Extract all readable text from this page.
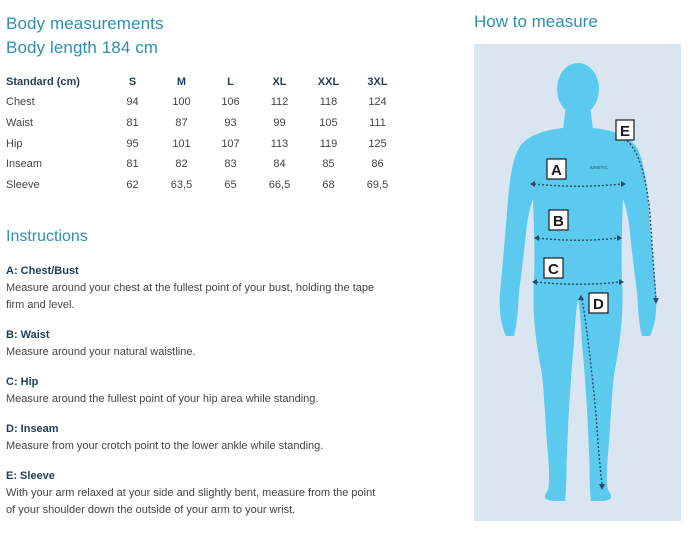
Body measurements
Body length 184 cm
Standard (cm)	S	M	L	XL	XXL	3XL
Chest	94	100	106	112	118	124
Waist	81	87	93	99	105	111
Hip	95	101	107	113	119	125
Inseam	81	82	83	84	85	86
Sleeve	62	63,5	65	66,5	68	69,5
Instructions
A: Chest/Bust
Measure around your chest at the fullest point of your bust, holding the tape firm and level.
B: Waist
Measure around your natural waistline.
C: Hip
Measure around the fullest point of your hip area while standing.
D: Inseam
Measure from your crotch point to the lower ankle while standing.
E: Sleeve
With your arm relaxed at your side and slightly bent, measure from the point of your shoulder down the outside of your arm to your wrist.
How to measure
KINETIC
A
B
C
D
E
